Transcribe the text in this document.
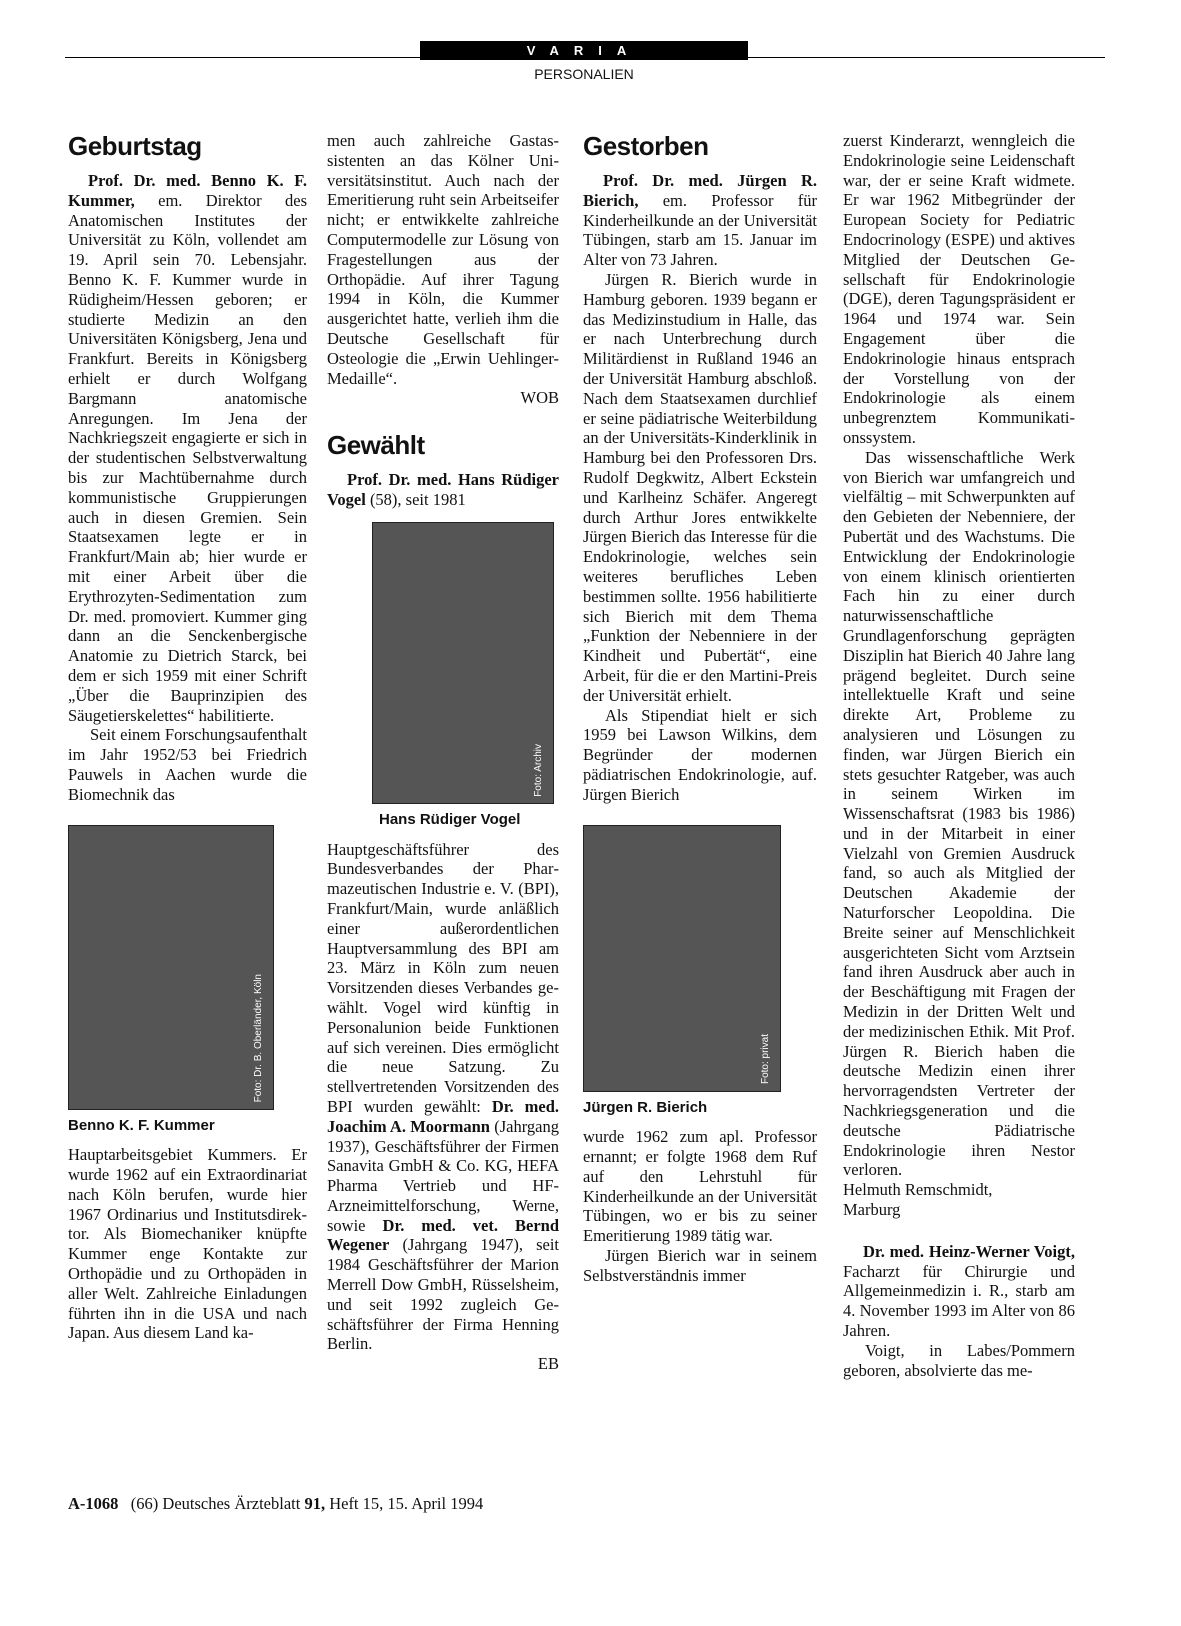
VARIA
PERSONALIEN
Geburtstag

Prof. Dr. med. Benno K. F. Kummer, em. Direktor des Anatomischen Institutes der Universität zu Köln, vollendet am 19. April sein 70. Lebensjahr. Benno K. F. Kummer wurde in Rüdigheim/Hessen geboren; er studierte Medizin an den Universitäten Königsberg, Jena und Frankfurt. Bereits in Königsberg erhielt er durch Wolfgang Bargmann anatomische Anregungen. Im Jena der Nachkriegszeit engagierte er sich in der studentischen Selbstverwaltung bis zur Machtübernahme durch kommunistische Gruppierungen auch in diesen Gremien. Sein Staatsexamen legte er in Frankfurt/Main ab; hier wurde er mit einer Arbeit über die Erythrozyten-Sedimentation zum Dr. med. promoviert. Kummer ging dann an die Senckenbergische Anatomie zu Dietrich Starck, bei dem er sich 1959 mit einer Schrift „Über die Bauprinzipien des Säugetierskelettes“ habilitierte.

Seit einem Forschungsaufenthalt im Jahr 1952/53 bei Friedrich Pauwels in Aachen wurde die Biomechnik das

Foto: Dr. B. Oberländer, Köln
Benno K. F. Kummer

Hauptarbeitsgebiet Kummers. Er wurde 1962 auf ein Extraordinariat nach Köln berufen, wurde hier 1967 Ordinarius und Institutsdirektor. Als Biomechaniker knüpfte Kummer enge Kontakte zur Orthopädie und zu Orthopäden in aller Welt. Zahlreiche Einladungen führten ihn in die USA und nach Japan. Aus diesem Land ka-

men auch zahlreiche Gastassistenten an das Kölner Universitätsinstitut. Auch nach der Emeritierung ruht sein Arbeitseifer nicht; er entwikkelte zahlreiche Computermodelle zur Lösung von Fragestellungen aus der Orthopädie. Auf ihrer Tagung 1994 in Köln, die Kummer ausgerichtet hatte, verlieh ihm die Deutsche Gesellschaft für Osteologie die „Erwin Uehlinger-Medaille“.

WOB

Gewählt

Prof. Dr. med. Hans Rüdiger Vogel (58), seit 1981

Foto: Archiv
Hans Rüdiger Vogel

Hauptgeschäftsführer des Bundesverbandes der Pharmazeutischen Industrie e. V. (BPI), Frankfurt/Main, wurde anläßlich einer außerordentlichen Hauptversammlung des BPI am 23. März in Köln zum neuen Vorsitzenden dieses Verbandes gewählt. Vogel wird künftig in Personalunion beide Funktionen auf sich vereinen. Dies ermöglicht die neue Satzung. Zu stellvertretenden Vorsitzenden des BPI wurden gewählt: Dr. med. Joachim A. Moormann (Jahrgang 1937), Geschäftsführer der Firmen Sanavita GmbH & Co. KG, HEFA Pharma Vertrieb und HF-Arzneimittelforschung, Werne, sowie Dr. med. vet. Bernd Wegener (Jahrgang 1947), seit 1984 Geschäftsführer der Marion Merrell Dow GmbH, Rüsselsheim, und seit 1992 zugleich Geschäftsführer der Firma Henning Berlin.

EB

Gestorben

Prof. Dr. med. Jürgen R. Bierich, em. Professor für Kinderheilkunde an der Universität Tübingen, starb am 15. Januar im Alter von 73 Jahren.

Jürgen R. Bierich wurde in Hamburg geboren. 1939 begann er das Medizinstudium in Halle, das er nach Unterbrechung durch Militärdienst in Rußland 1946 an der Universität Hamburg abschloß. Nach dem Staatsexamen durchlief er seine pädiatrische Weiterbildung an der Universitäts-Kinderklinik in Hamburg bei den Professoren Drs. Rudolf Degkwitz, Albert Eckstein und Karlheinz Schäfer. Angeregt durch Arthur Jores entwikkelte Jürgen Bierich das Interesse für die Endokrinologie, welches sein weiteres berufliches Leben bestimmen sollte. 1956 habilitierte sich Bierich mit dem Thema „Funktion der Nebenniere in der Kindheit und Pubertät“, eine Arbeit, für die er den Martini-Preis der Universität erhielt.

Als Stipendiat hielt er sich 1959 bei Lawson Wilkins, dem Begründer der modernen pädiatrischen Endokrinologie, auf. Jürgen Bierich

Foto: privat
Jürgen R. Bierich

wurde 1962 zum apl. Professor ernannt; er folgte 1968 dem Ruf auf den Lehrstuhl für Kinderheilkunde an der Universität Tübingen, wo er bis zu seiner Emeritierung 1989 tätig war.

Jürgen Bierich war in seinem Selbstverständnis immer

zuerst Kinderarzt, wenngleich die Endokrinologie seine Leidenschaft war, der er seine Kraft widmete. Er war 1962 Mitbegründer der European Society for Pediatric Endocrinology (ESPE) und aktives Mitglied der Deutschen Gesellschaft für Endokrinologie (DGE), deren Tagungspräsident er 1964 und 1974 war. Sein Engagement über die Endokrinologie hinaus entsprach der Vorstellung von der Endokrinologie als einem unbegrenztem Kommunikationssystem.

Das wissenschaftliche Werk von Bierich war umfangreich und vielfältig – mit Schwerpunkten auf den Gebieten der Nebenniere, der Pubertät und des Wachstums. Die Entwicklung der Endokrinologie von einem klinisch orientierten Fach hin zu einer durch naturwissenschaftliche Grundlagenforschung geprägten Disziplin hat Bierich 40 Jahre lang prägend begleitet. Durch seine intellektuelle Kraft und seine direkte Art, Probleme zu analysieren und Lösungen zu finden, war Jürgen Bierich ein stets gesuchter Ratgeber, was auch in seinem Wirken im Wissenschaftsrat (1983 bis 1986) und in der Mitarbeit in einer Vielzahl von Gremien Ausdruck fand, so auch als Mitglied der Deutschen Akademie der Naturforscher Leopoldina. Die Breite seiner auf Menschlichkeit ausgerichteten Sicht vom Arztsein fand ihren Ausdruck aber auch in der Beschäftigung mit Fragen der Medizin in der Dritten Welt und der medizinischen Ethik. Mit Prof. Jürgen R. Bierich haben die deutsche Medizin einen ihrer hervorragendsten Vertreter der Nachkriegsgeneration und die deutsche Pädiatrische Endokrinologie ihren Nestor verloren.

Helmuth Remschmidt,

Marburg

Dr. med. Heinz-Werner Voigt, Facharzt für Chirurgie und Allgemeinmedizin i. R., starb am 4. November 1993 im Alter von 86 Jahren.

Voigt, in Labes/Pommern geboren, absolvierte das me-

A-1068 (66) Deutsches Ärzteblatt 91, Heft 15, 15. April 1994
